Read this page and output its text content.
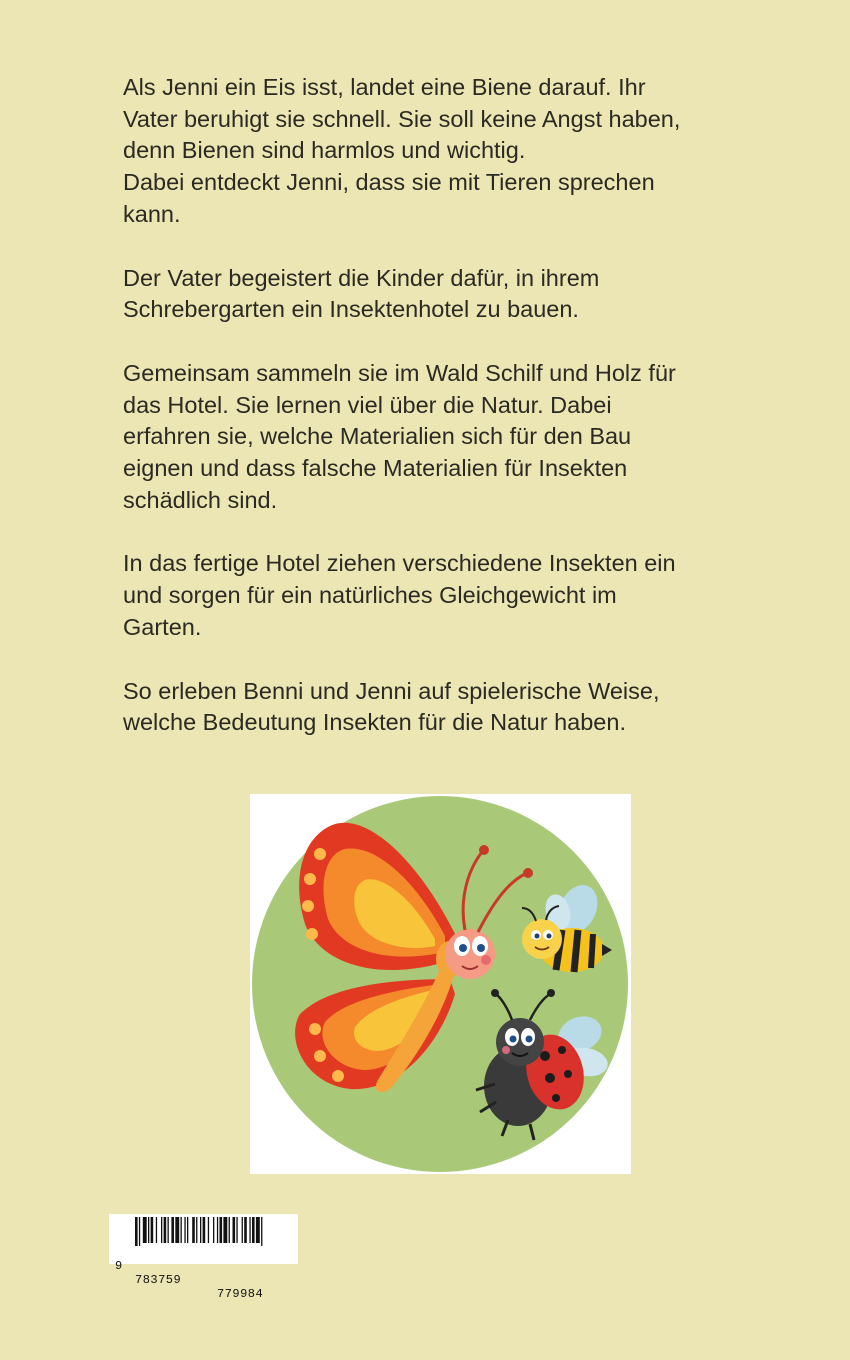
Als Jenni ein Eis isst, landet eine Biene darauf. Ihr
Vater beruhigt sie schnell. Sie soll keine Angst haben,
denn Bienen sind harmlos und wichtig.
Dabei entdeckt Jenni, dass sie mit Tieren sprechen
kann.

Der Vater begeistert die Kinder dafür, in ihrem
Schrebergarten ein Insektenhotel zu bauen.

Gemeinsam sammeln sie im Wald Schilf und Holz für
das Hotel. Sie lernen viel über die Natur. Dabei
erfahren sie, welche Materialien sich für den Bau
eignen und dass falsche Materialien für Insekten
schädlich sind.

In das fertige Hotel ziehen verschiedene Insekten ein
und sorgen für ein natürliches Gleichgewicht im
Garten.

So erleben Benni und Jenni auf spielerische Weise,
welche Bedeutung Insekten für die Natur haben.

9

783759

779984
